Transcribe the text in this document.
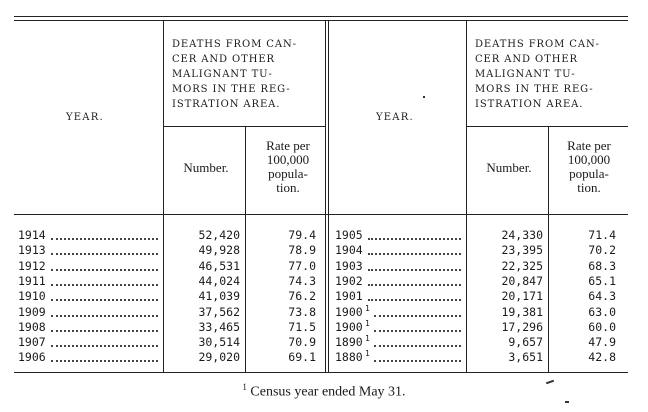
YEAR.
DEATHS FROM CAN-
CER AND OTHER
MALIGNANT TU-
MORS IN THE REG-
ISTRATION AREA.
Number.
Rate per
100,000
popula-
tion.
YEAR.
DEATHS FROM CAN-
CER AND OTHER
MALIGNANT TU-
MORS IN THE REG-
ISTRATION AREA.
Number.
Rate per
100,000
popula-
tion.
1914	52,420	79.4
1913	49,928	78.9
1912	46,531	77.0
1911	44,024	74.3
1910	41,039	76.2
1909	37,562	73.8
1908	33,465	71.5
1907	30,514	70.9
1906	29,020	69.1
1905	24,330	71.4
1904	23,395	70.2
1903	22,325	68.3
1902	20,847	65.1
1901	20,171	64.3
1900 1	19,381	63.0
1900 1	17,296	60.0
1890 1	9,657	47.9
1880 1	3,651	42.8
$^1$ Census year ended May 31.
